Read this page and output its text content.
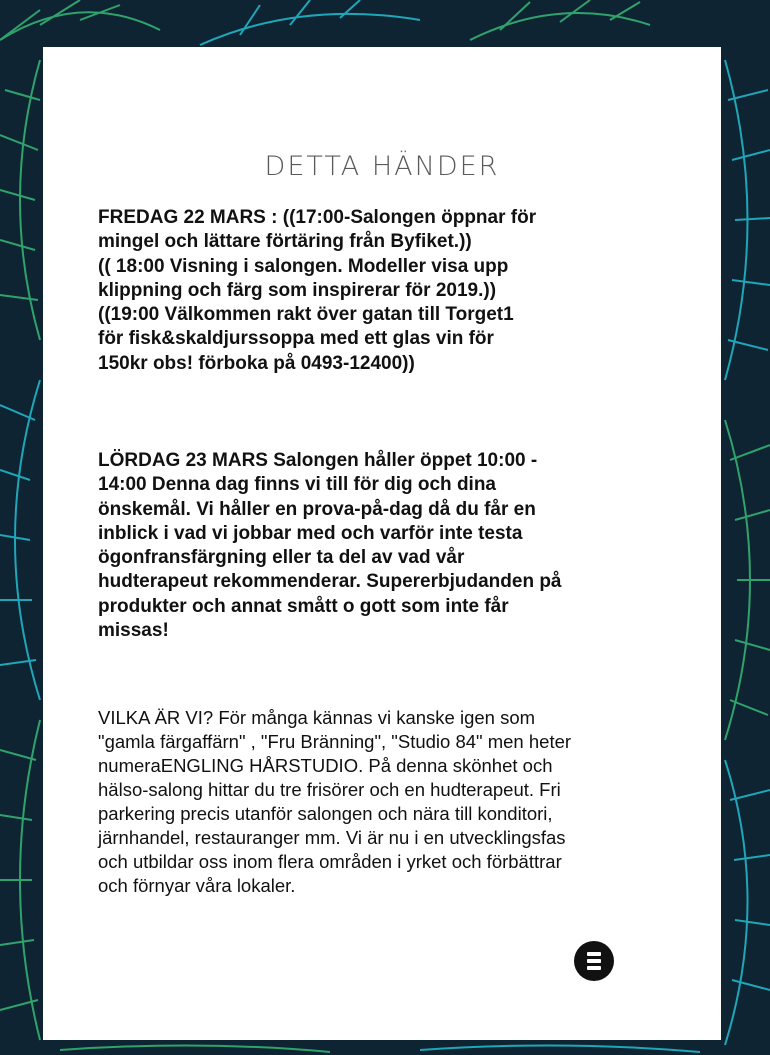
DETTA HÄNDER
FREDAG 22 MARS : ((17:00-Salongen öppnar för
mingel och lättare förtäring från Byfiket.))
(( 18:00 Visning i salongen. Modeller visa upp
klippning och färg som inspirerar för 2019.))
((19:00 Välkommen rakt över gatan till Torget1
för fisk&skaldjurssoppa med ett glas vin för
150kr obs! förboka på 0493-12400))
LÖRDAG 23 MARS Salongen håller öppet 10:00 -
14:00 Denna dag finns vi till för dig och dina
önskemål. Vi håller en prova-på-dag då du får en
inblick i vad vi jobbar med och varför inte testa
ögonfransfärgning eller ta del av vad vår
hudterapeut rekommenderar. Supererbjudanden på
produkter och annat smått o gott som inte får
missas!
VILKA ÄR VI? För många kännas vi kanske igen som
"gamla färgaffärn" , "Fru Bränning", "Studio 84" men heter
numeraENGLING HÅRSTUDIO. På denna skönhet och
hälso-salong hittar du tre frisörer och en hudterapeut. Fri
parkering precis utanför salongen och nära till konditori,
järnhandel, restauranger mm. Vi är nu i en utvecklingsfas
och utbildar oss inom flera områden i yrket och förbättrar
och förnyar våra lokaler.
